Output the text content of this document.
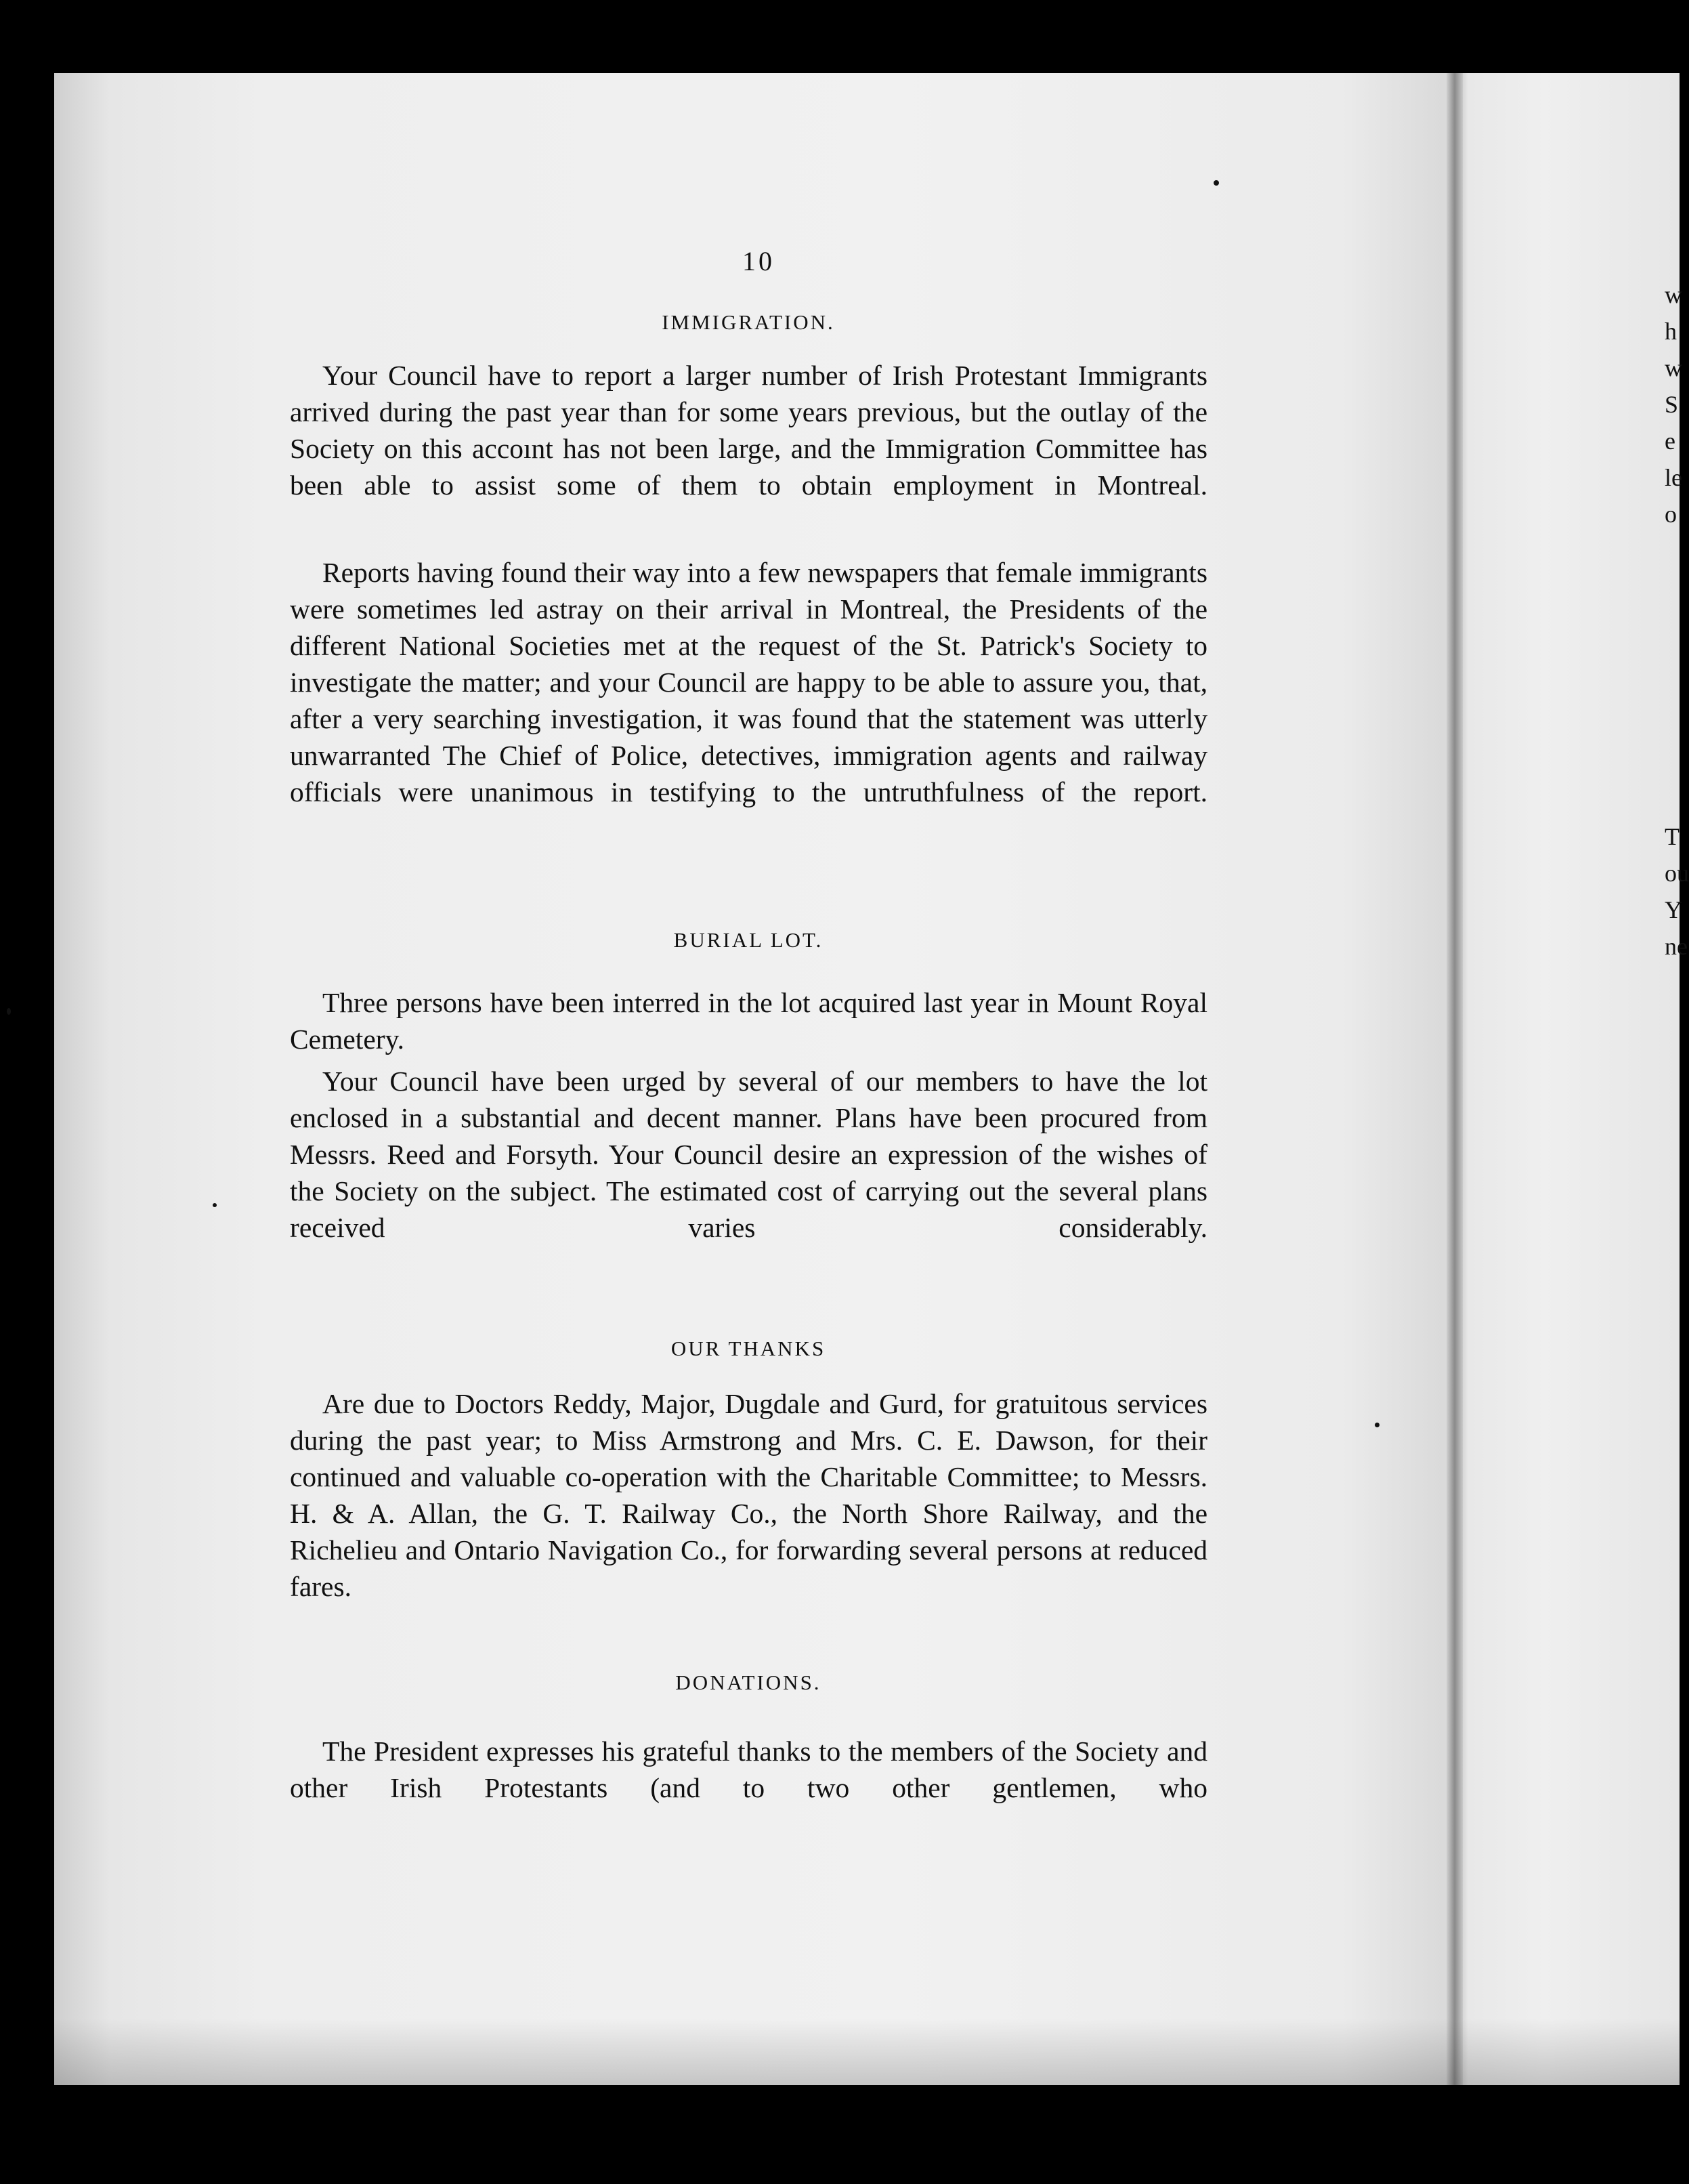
10
IMMIGRATION.

Your Council have to report a larger number of Irish Protestant Immigrants arrived during the past year than for some years previous, but the outlay of the Society on this accoınt has not been large, and the Immigration Committee has been able to assist some of them to obtain employment in Montreal.

Reports having found their way into a few newspapers that female immigrants were sometimes led astray on their arrival in Montreal, the Presidents of the different National Societies met at the request of the St. Patrick's Society to investigate the matter; and your Council are happy to be able to assure you, that, after a very searching investigation, it was found that the statement was utterly unwarranted The Chief of Police, detectives, immigration agents and railway officials were unanimous in testifying to the untruthfulness of the report.

BURIAL LOT.

Three persons have been interred in the lot acquired last year in Mount Royal Cemetery.

Your Council have been urged by several of our members to have the lot enclosed in a substantial and decent manner. Plans have been procured from Messrs. Reed and Forsyth. Your Council desire an expression of the wishes of the Society on the subject. The estimated cost of carrying out the several plans received varies considerably.

OUR THANKS

Are due to Doctors Reddy, Major, Dugdale and Gurd, for gratuitous services during the past year; to Miss Armstrong and Mrs. C. E. Dawson, for their continued and valuable co-operation with the Charitable Committee; to Messrs. H. & A. Allan, the G. T. Railway Co., the North Shore Railway, and the Richelieu and Ontario Navigation Co., for forwarding several persons at reduced fares.

DONATIONS.

The President expresses his grateful thanks to the members of the Society and other Irish Protestants (and to two other gentlemen, who

w
h
w
S
e
le
o
T
ou
Y
ne
